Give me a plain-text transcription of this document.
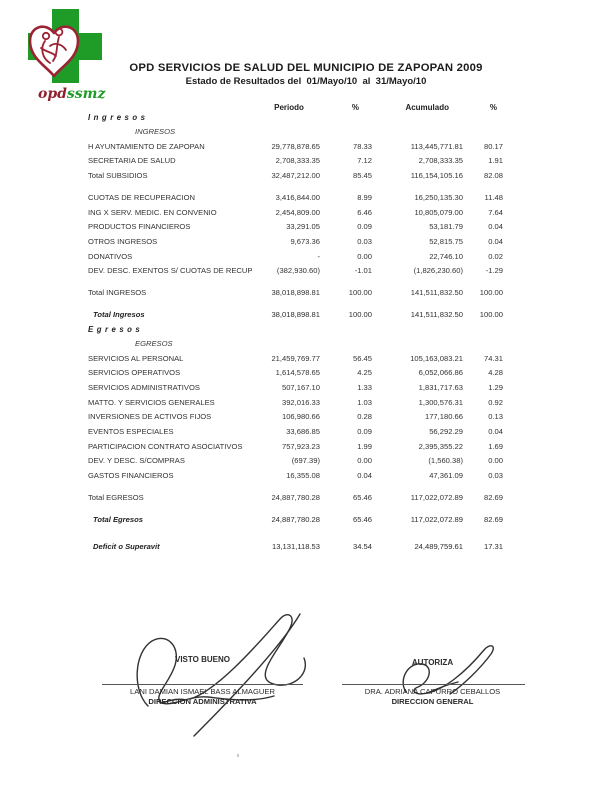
opdssmz
OPD SERVICIOS DE SALUD DEL MUNICIPIO DE ZAPOPAN 2009
Estado de Resultados del  01/Mayo/10  al  31/Mayo/10
Periodo	%	Acumulado	%
Ingresos
INGRESOS
H AYUNTAMIENTO DE ZAPOPAN	29,778,878.65	78.33	113,445,771.81	80.17
SECRETARIA DE SALUD	2,708,333.35	7.12	2,708,333.35	1.91
Total SUBSIDIOS	32,487,212.00	85.45	116,154,105.16	82.08
CUOTAS DE RECUPERACION	3,416,844.00	8.99	16,250,135.30	11.48
ING X SERV. MEDIC. EN CONVENIO	2,454,809.00	6.46	10,805,079.00	7.64
PRODUCTOS FINANCIEROS	33,291.05	0.09	53,181.79	0.04
OTROS INGRESOS	9,673.36	0.03	52,815.75	0.04
DONATIVOS	-	0.00	22,746.10	0.02
DEV. DESC. EXENTOS S/ CUOTAS DE RECUP	(382,930.60)	-1.01	(1,826,230.60)	-1.29
Total INGRESOS	38,018,898.81	100.00	141,511,832.50	100.00
Total Ingresos	38,018,898.81	100.00	141,511,832.50	100.00
Egresos
EGRESOS
SERVICIOS AL PERSONAL	21,459,769.77	56.45	105,163,083.21	74.31
SERVICIOS OPERATIVOS	1,614,578.65	4.25	6,052,066.86	4.28
SERVICIOS ADMINISTRATIVOS	507,167.10	1.33	1,831,717.63	1.29
MATTO. Y SERVICIOS GENERALES	392,016.33	1.03	1,300,576.31	0.92
INVERSIONES DE ACTIVOS FIJOS	106,980.66	0.28	177,180.66	0.13
EVENTOS ESPECIALES	33,686.85	0.09	56,292.29	0.04
PARTICIPACION CONTRATO ASOCIATIVOS	757,923.23	1.99	2,395,355.22	1.69
DEV. Y DESC. S/COMPRAS	(697.39)	0.00	(1,560.38)	0.00
GASTOS FINANCIEROS	16,355.08	0.04	47,361.09	0.03
Total EGRESOS	24,887,780.28	65.46	117,022,072.89	82.69
Total Egresos	24,887,780.28	65.46	117,022,072.89	82.69
Deficit o Superavit	13,131,118.53	34.54	24,489,759.61	17.31
VISTO BUENO
LANI DAMIAN ISMAEL BASS ALMAGUER
DIRECCION ADMINISTRATIVA
AUTORIZA
DRA. ADRIANA CAPURRO CEBALLOS
DIRECCION GENERAL
